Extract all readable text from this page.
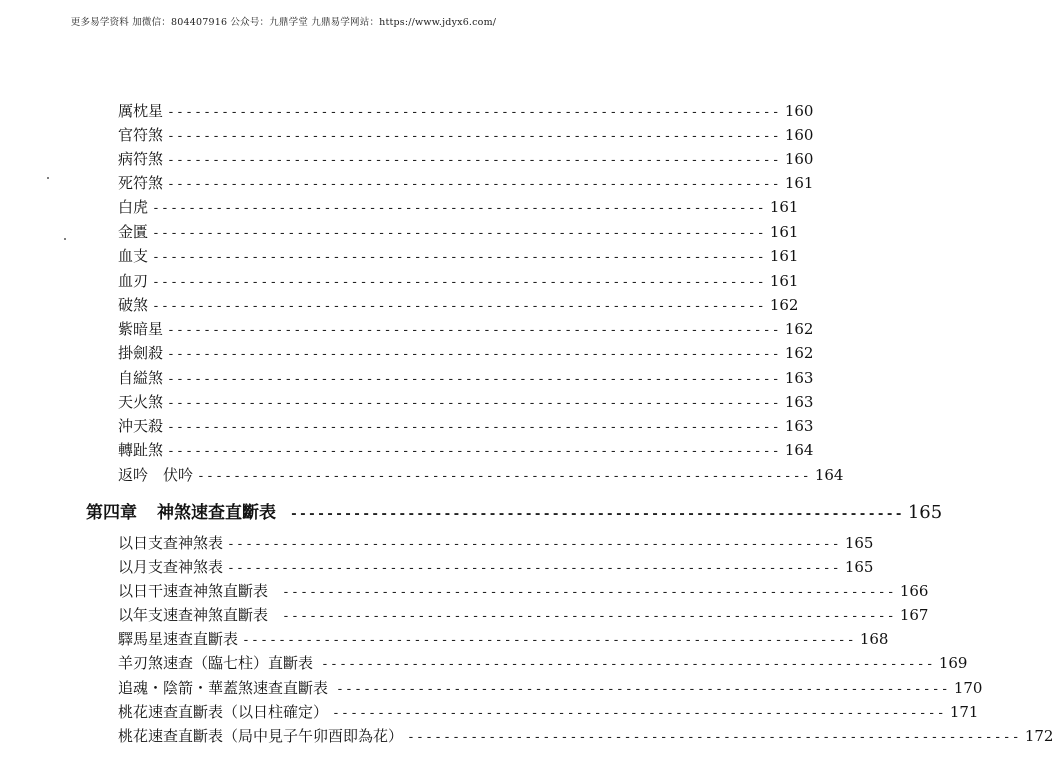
更多易学资料 加微信：804407916 公众号：九鼎学堂 九鼎易学网站：https://www.jdyx6.com/
厲枕星 -------------------------------------------------------------------- 160
官符煞 -------------------------------------------------------------------- 160
病符煞 -------------------------------------------------------------------- 160
死符煞 -------------------------------------------------------------------- 161
白虎 -------------------------------------------------------------------- 161
金匱 -------------------------------------------------------------------- 161
血支 -------------------------------------------------------------------- 161
血刃 -------------------------------------------------------------------- 161
破煞 -------------------------------------------------------------------- 162
紫暗星 -------------------------------------------------------------------- 162
掛劍殺 -------------------------------------------------------------------- 162
自縊煞 -------------------------------------------------------------------- 163
天火煞 -------------------------------------------------------------------- 163
沖天殺 -------------------------------------------------------------------- 163
轉趾煞 -------------------------------------------------------------------- 164
返吟　伏吟 -------------------------------------------------------------------- 164
第四章 神煞速查直斷表 -------------------------------------------------------------------- 165
以日支查神煞表 -------------------------------------------------------------------- 165
以月支查神煞表 -------------------------------------------------------------------- 165
以日干速查神煞直斷表 -------------------------------------------------------------------- 166
以年支速查神煞直斷表 -------------------------------------------------------------------- 167
驛馬星速查直斷表 -------------------------------------------------------------------- 168
羊刃煞速查（臨七柱）直斷表 -------------------------------------------------------------------- 169
追魂・陰箭・華蓋煞速查直斷表 -------------------------------------------------------------------- 170
桃花速查直斷表（以日柱確定） -------------------------------------------------------------------- 171
桃花速查直斷表（局中見子午卯酉即為花） -------------------------------------------------------------------- 172
